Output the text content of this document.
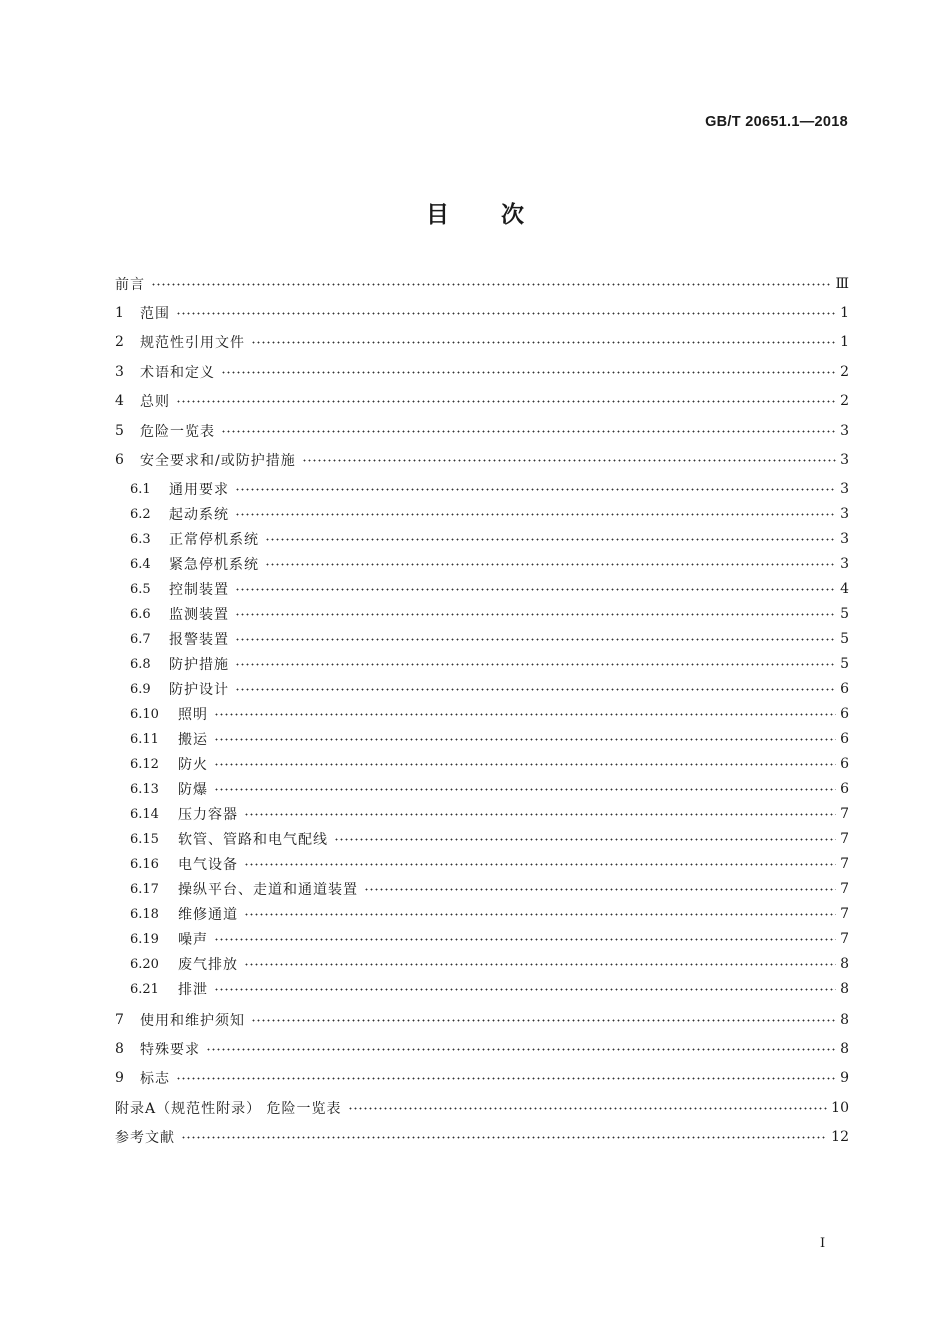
GB/T 20651.1—2018
目次
前言	Ⅲ
1	范围	1
2	规范性引用文件	1
3	术语和定义	2
4	总则	2
5	危险一览表	3
6	安全要求和/或防护措施	3
6.1	通用要求	3
6.2	起动系统	3
6.3	正常停机系统	3
6.4	紧急停机系统	3
6.5	控制装置	4
6.6	监测装置	5
6.7	报警装置	5
6.8	防护措施	5
6.9	防护设计	6
6.10	照明	6
6.11	搬运	6
6.12	防火	6
6.13	防爆	6
6.14	压力容器	7
6.15	软管、管路和电气配线	7
6.16	电气设备	7
6.17	操纵平台、走道和通道装置	7
6.18	维修通道	7
6.19	噪声	7
6.20	废气排放	8
6.21	排泄	8
7	使用和维护须知	8
8	特殊要求	8
9	标志	9
附录A（规范性附录） 危险一览表	10
参考文献	12
I
